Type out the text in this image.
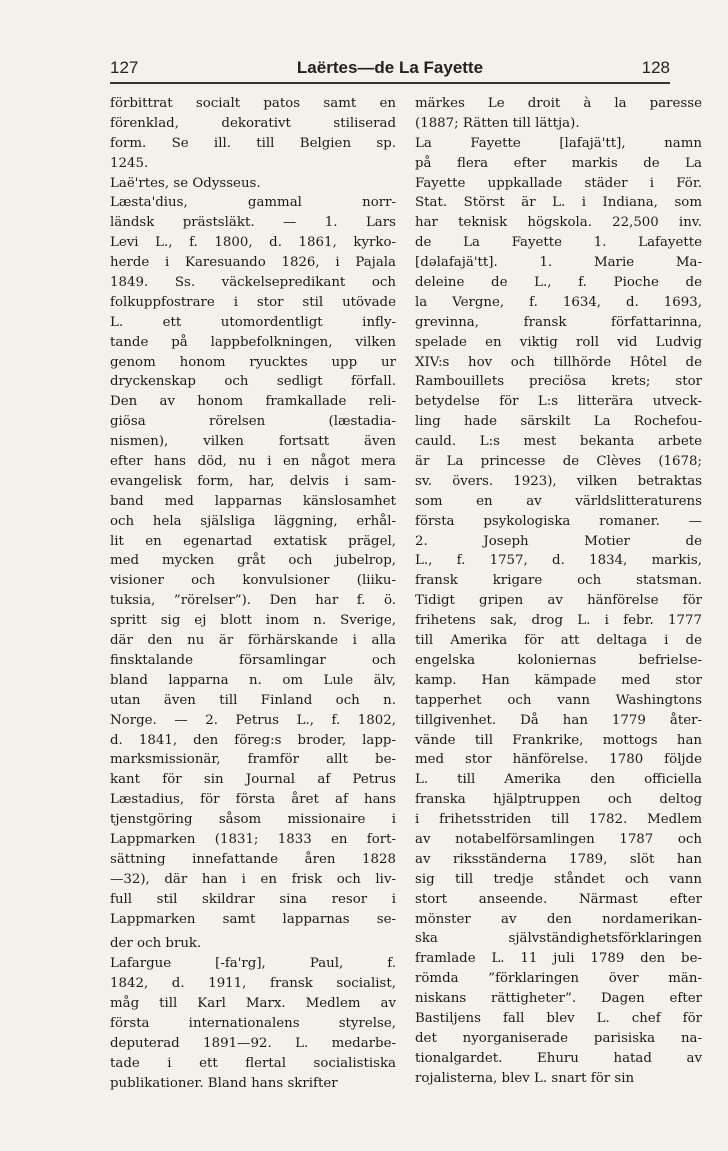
127	Laërtes—de La Fayette	128
förbittrat socialt patos samt en
förenklad, dekorativt stiliserad
form. Se ill. till Belgien sp.
1245.
Laë'rtes, se Odysseus.
Læsta'dius, gammal norr-
ländsk prästsläkt. — 1. Lars
Levi L., f. 1800, d. 1861, kyrko-
herde i Karesuando 1826, i Pajala
1849. Ss. väckelsepredikant och
folkuppfostrare i stor stil utövade
L. ett utomordentligt infly-
tande på lappbefolkningen, vilken
genom honom ryucktes upp ur
dryckenskap och sedligt förfall.
Den av honom framkallade reli-
giösa rörelsen (læstadia-
nismen), vilken fortsatt även
efter hans död, nu i en något mera
evangelisk form, har, delvis i sam-
band med lapparnas känslosamhet
och hela själsliga läggning, erhål-
lit en egenartad extatisk prägel,
med mycken gråt och jubelrop,
visioner och konvulsioner (liiku-
tuksia, ”rörelser”). Den har f. ö.
spritt sig ej blott inom n. Sverige,
där den nu är förhärskande i alla
finsktalande församlingar och
bland lapparna n. om Lule älv,
utan även till Finland och n.
Norge. — 2. Petrus L., f. 1802,
d. 1841, den föreg:s broder, lapp-
marksmissionär, framför allt be-
kant för sin Journal af Petrus
Læstadius, för första året af hans
tjenstgöring såsom missionaire i
Lappmarken (1831; 1833 en fort-
sättning innefattande åren 1828
—32), där han i en frisk och liv-
full stil skildrar sina resor i
Lappmarken samt lapparnas se-
der och bruk.
Lafargue [-fa'rg], Paul, f.
1842, d. 1911, fransk socialist,
måg till Karl Marx. Medlem av
första internationalens styrelse,
deputerad 1891—92. L. medarbe-
tade i ett flertal socialistiska
publikationer. Bland hans skrifter
märkes Le droit à la paresse
(1887; Rätten till lättja).
La Fayette [lafajä'tt], namn
på flera efter markis de La
Fayette uppkallade städer i För.
Stat. Störst är L. i Indiana, som
har teknisk högskola. 22,500 inv.
de La Fayette 1. Lafayette
[dəlafajä'tt]. 1. Marie Ma-
deleine de L., f. Pioche de
la Vergne, f. 1634, d. 1693,
grevinna, fransk författarinna,
spelade en viktig roll vid Ludvig
XIV:s hov och tillhörde Hôtel de
Rambouillets preciösa krets; stor
betydelse för L:s litterära utveck-
ling hade särskilt La Rochefou-
cauld. L:s mest bekanta arbete
är La princesse de Clèves (1678;
sv. övers. 1923), vilken betraktas
som en av världslitteraturens
första psykologiska romaner. —
2. Joseph Motier de
L., f. 1757, d. 1834, markis,
fransk krigare och statsman.
Tidigt gripen av hänförelse för
frihetens sak, drog L. i febr. 1777
till Amerika för att deltaga i de
engelska koloniernas befrielse-
kamp. Han kämpade med stor
tapperhet och vann Washingtons
tillgivenhet. Då han 1779 åter-
vände till Frankrike, mottogs han
med stor hänförelse. 1780 följde
L. till Amerika den officiella
franska hjälptruppen och deltog
i frihetsstriden till 1782. Medlem
av notabelförsamlingen 1787 och
av riksständerna 1789, slöt han
sig till tredje ståndet och vann
stort anseende. Närmast efter
mönster av den nordamerikan-
ska självständighetsförklaringen
framlade L. 11 juli 1789 den be-
römda ”förklaringen över män-
niskans rättigheter”. Dagen efter
Bastiljens fall blev L. chef för
det nyorganiserade parisiska na-
tionalgardet. Ehuru hatad av
rojalisterna, blev L. snart för sin
